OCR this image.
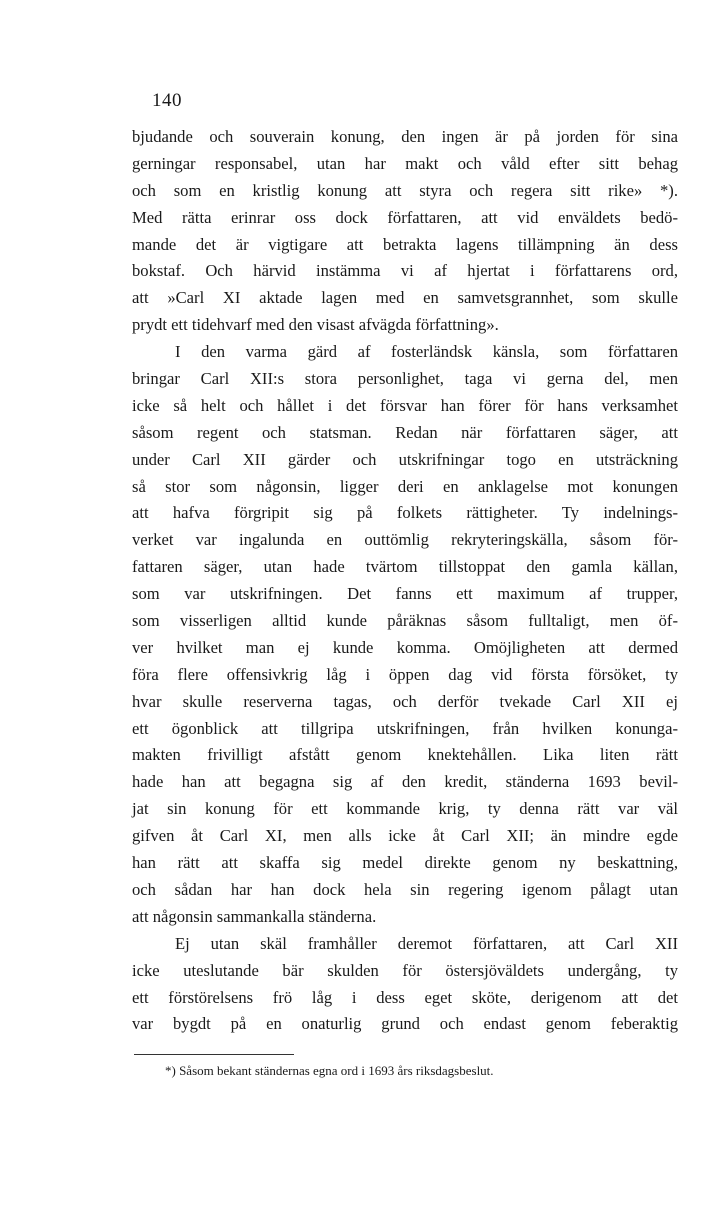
140
bjudande och souverain konung, den ingen är på jorden för sina
gerningar responsabel, utan har makt och våld efter sitt behag
och som en kristlig konung att styra och regera sitt rike» *).
Med rätta erinrar oss dock författaren, att vid enväldets bedö-
mande det är vigtigare att betrakta lagens tillämpning än dess
bokstaf. Och härvid instämma vi af hjertat i författarens ord,
att »Carl XI aktade lagen med en samvetsgrannhet, som skulle
prydt ett tidehvarf med den visast afvägda författning».
I den varma gärd af fosterländsk känsla, som författaren
bringar Carl XII:s stora personlighet, taga vi gerna del, men
icke så helt och hållet i det försvar han förer för hans verksamhet
såsom regent och statsman. Redan när författaren säger, att
under Carl XII gärder och utskrifningar togo en utsträckning
så stor som någonsin, ligger deri en anklagelse mot konungen
att hafva förgripit sig på folkets rättigheter. Ty indelnings-
verket var ingalunda en outtömlig rekryteringskälla, såsom för-
fattaren säger, utan hade tvärtom tillstoppat den gamla källan,
som var utskrifningen. Det fanns ett maximum af trupper,
som visserligen alltid kunde påräknas såsom fulltaligt, men öf-
ver hvilket man ej kunde komma. Omöjligheten att dermed
föra flere offensivkrig låg i öppen dag vid första försöket, ty
hvar skulle reserverna tagas, och derför tvekade Carl XII ej
ett ögonblick att tillgripa utskrifningen, från hvilken konunga-
makten frivilligt afstått genom knektehållen. Lika liten rätt
hade han att begagna sig af den kredit, ständerna 1693 bevil-
jat sin konung för ett kommande krig, ty denna rätt var väl
gifven åt Carl XI, men alls icke åt Carl XII; än mindre egde
han rätt att skaffa sig medel direkte genom ny beskattning,
och sådan har han dock hela sin regering igenom pålagt utan
att någonsin sammankalla ständerna.
Ej utan skäl framhåller deremot författaren, att Carl XII
icke uteslutande bär skulden för östersjöväldets undergång, ty
ett förstörelsens frö låg i dess eget sköte, derigenom att det
var bygdt på en onaturlig grund och endast genom feberaktig
*) Såsom bekant ständernas egna ord i 1693 års riksdagsbeslut.
